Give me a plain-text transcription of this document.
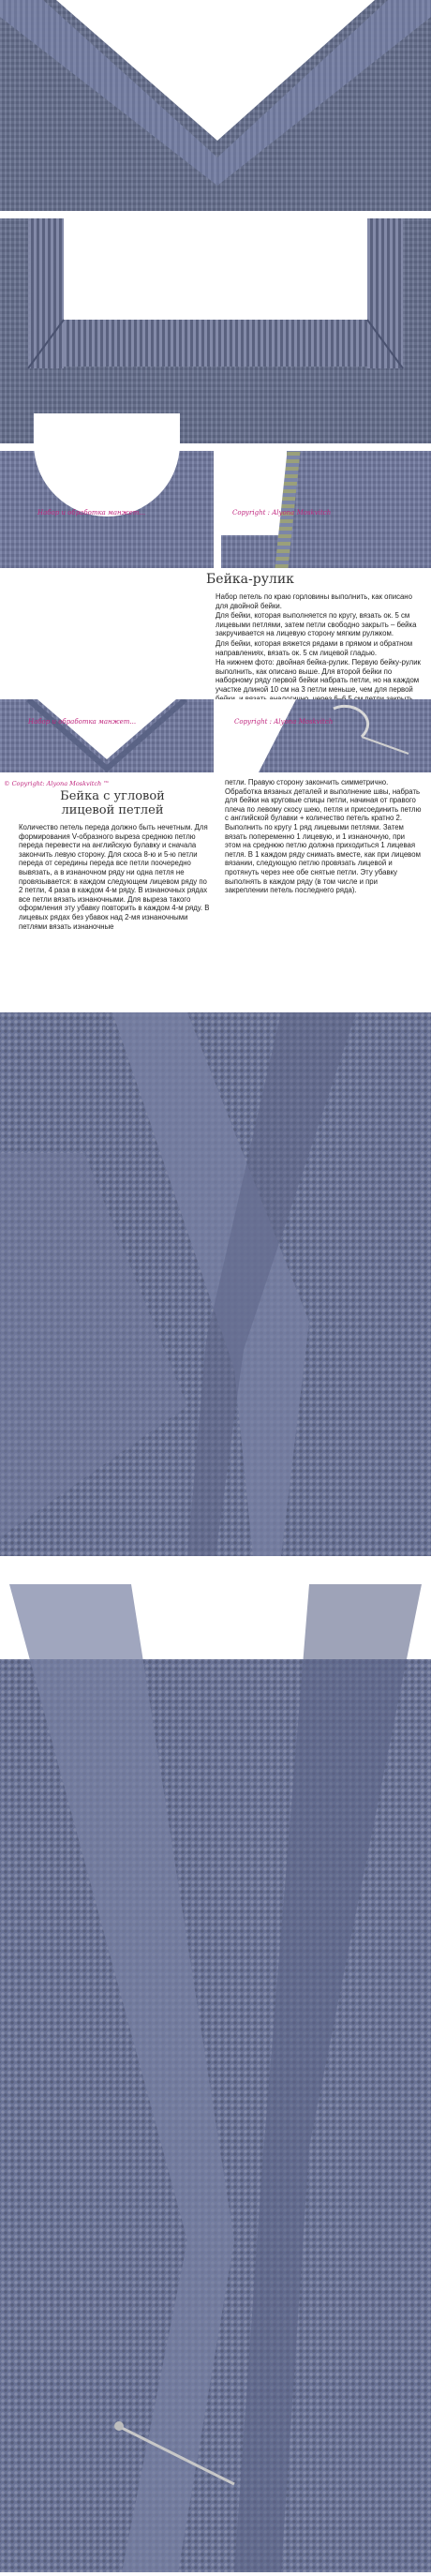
Набор и обработка манжет...	Copyright : Alyona Moskvitch
Бейка-рулик

Набор петель по краю горловины выполнить, как описано для двойной бейки.

Для бейки, которая выполняется по кругу, вязать ок. 5 см лицевыми петлями, затем петли свободно закрыть – бейка закручивается на лицевую сторону мягким рулжком.

Для бейки, которая вяжется рядами в прямом и обратном направлениях, вязать ок. 5 см лицевой гладью.

На нижнем фото: двойная бейка-рулик. Первую бейку-рулик выполнить, как описано выше. Для второй бейки по наборному ряду первой бейки набрать петли, но на каждом участке длиной 10 см на 3 петли меньше, чем для первой

Набор и обработка манжет...	Copyright : Alyona Moskvitch
© Copyright: Alyona Moskvitch ™
Бейка с угловой лицевой петлей

Количество петель переда должно быть нечетным. Для формирования V-образного выреза среднюю петлю переда перевести на английскую булавку и сначала закончить левую сторону. Для скоса 8-ю и 5-ю петли переда от середины переда все петли поочередно вывязать, а в изнаночном ряду ни одна петля не провязывается: в каждом следующем лицевом ряду по 2 петли, 4 раза в каждом 4-м ряду. В изнаночных рядах все петли вязать изнаночными. Для выреза такого оформления эту убавку повторить в каждом 4-м ряду. В лицевых рядах без убавок над 2-мя изнаночными петлями вязать изнаночные

петли. Правую сторону закончить симметрично. Обработка вязаных деталей и выполнение швы, набрать для бейки на круговые спицы петли, начиная от правого плеча по левому скосу шею, петля и присоединить петлю с английской булавки + количество петель кратно 2. Выполнить по кругу 1 ряд лицевыми петлями. Затем вязать попеременно 1 лицевую, и 1 изнаночную, при этом на среднюю петлю должна приходиться 1 лицевая петля. В 1 каждом ряду снимать вместе, как при лицевом вязании, следующую петлю провязать лицевой и протянуть через нее обе снятые петли. Эту убавку выполнять в каждом ряду (в том числе и при закреплении петель последнего ряда).
